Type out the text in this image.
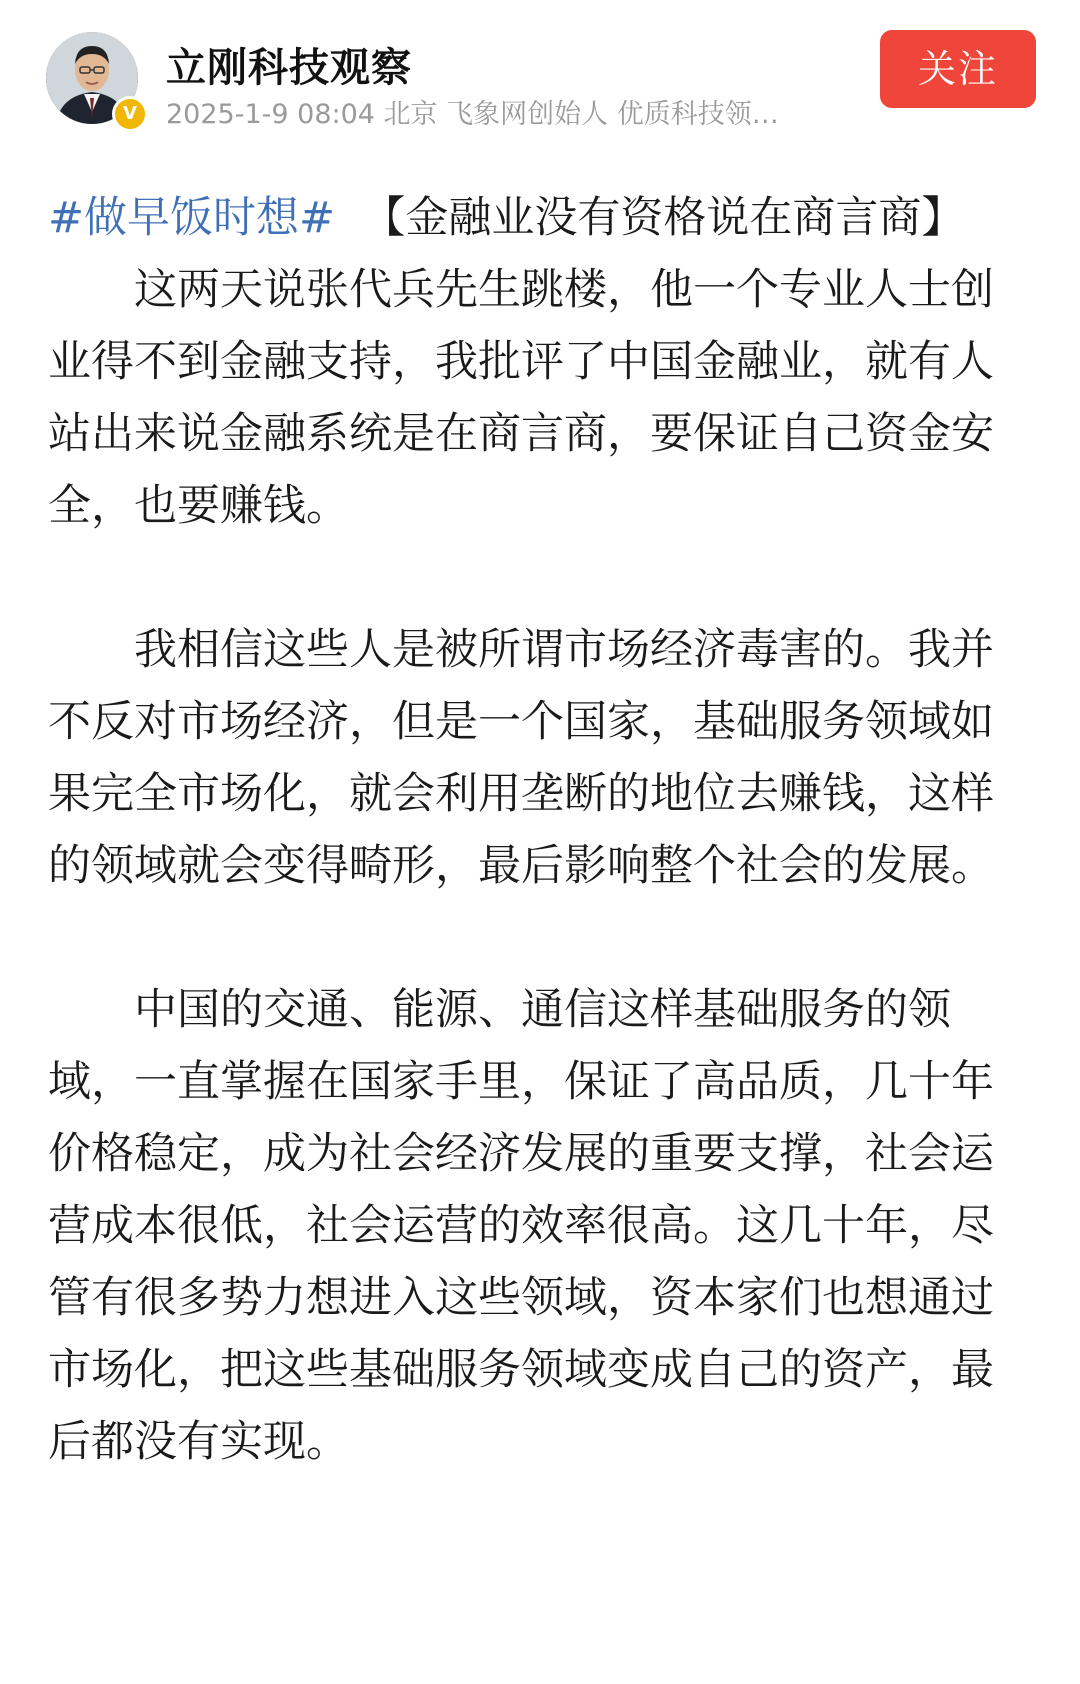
V
立刚科技观察
2025-1-9 08:04 北京 飞象网创始人 优质科技领…
关注

#做早饭时想# 【金融业没有资格说在商言商】

这两天说张代兵先生跳楼，他一个专业人士创业得不到金融支持，我批评了中国金融业，就有人站出来说金融系统是在商言商，要保证自己资金安全，也要赚钱。

我相信这些人是被所谓市场经济毒害的。我并不反对市场经济，但是一个国家，基础服务领域如果完全市场化，就会利用垄断的地位去赚钱，这样的领域就会变得畸形，最后影响整个社会的发展。

中国的交通、能源、通信这样基础服务的领域，一直掌握在国家手里，保证了高品质，几十年价格稳定，成为社会经济发展的重要支撑，社会运营成本很低，社会运营的效率很高。这几十年，尽管有很多势力想进入这些领域，资本家们也想通过市场化，把这些基础服务领域变成自己的资产，最后都没有实现。
